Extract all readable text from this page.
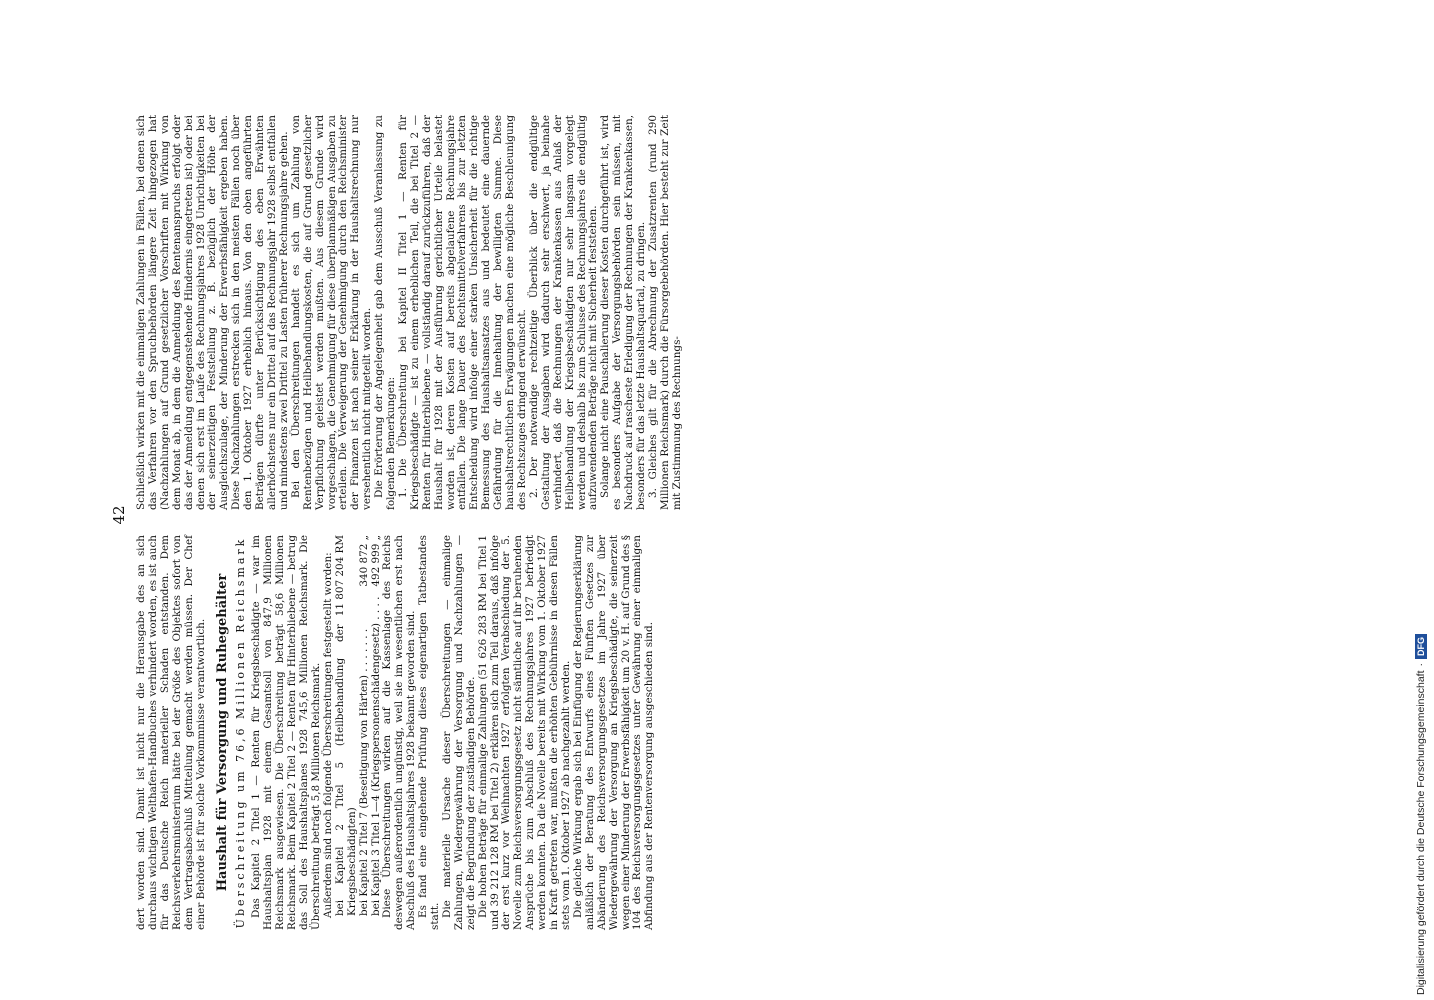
42

dert worden sind. Damit ist nicht nur die Herausgabe des an sich durchaus wichtigen Welthafen-Handbuches verhindert worden, es ist auch für das Deutsche Reich materieller Schaden entstanden. Dem Reichsverkehrsministerium hätte bei der Größe des Objektes sofort von dem Vertragsabschluß Mitteilung gemacht werden müssen. Der Chef einer Behörde ist für solche Vorkommnisse verantwortlich. Haushalt für Versorgung und Ruhegehälter Überschreitung um 76,6 Millionen Reichsmark Das Kapitel 2 Titel 1 — Renten für Kriegsbeschädigte — war im Haushaltsplan 1928 mit einem Gesamtsoll von 847,9 Millionen Reichsmark ausgewiesen. Die Überschreitung beträgt 58,6 Millionen Reichsmark. Beim Kapitel 2 Titel 2 — Renten für Hinterbliebene — betrug das Soll des Haushaltsplanes 1928 745,6 Millionen Reichsmark. Die Überschreitung beträgt 5,8 Millionen Reichsmark. Außerdem sind noch folgende Überschreitungen festgestellt worden: bei Kapitel 2 Titel 5 (Heilbehandlung der Kriegsbeschädigten)
11 807 204 RM
bei Kapitel 2 Titel 7 (Beseitigung von Härten) . . . . . . .
340 872 „
bei Kapitel 3 Titel 1—4 (Kriegspersonenschädengesetz) . . . .
492 999 „ Diese Überschreitungen wirken auf die Kassenlage des Reichs deswegen außerordentlich ungünstig, weil sie im wesentlichen erst nach Abschluß des Haushaltsjahres 1928 bekannt geworden sind. Es fand eine eingehende Prüfung dieses eigenartigen Tatbestandes statt. Die materielle Ursache dieser Überschreitungen — einmalige Zahlungen, Wiedergewährung der Versorgung und Nachzahlungen — zeigt die Begründung der zuständigen Behörde. Die hohen Beträge für einmalige Zahlungen (51 626 283 RM bei Titel 1 und 39 212 128 RM bei Titel 2) erklären sich zum Teil daraus, daß infolge der erst kurz vor Weihnachten 1927 erfolgten Verabschiedung der 5. Novelle zum Reichsversorgungsgesetz nicht sämtliche auf ihr beruhenden Ansprüche bis zum Abschluß des Rechnungsjahres 1927 befriedigt werden konnten. Da die Novelle bereits mit Wirkung vom 1. Oktober 1927 in Kraft getreten war, mußten die erhöhten Gebührnisse in diesen Fällen stets vom 1. Oktober 1927 ab nachgezahlt werden. Die gleiche Wirkung ergab sich bei Einfügung der Regierungserklärung anläßlich der Beratung des Entwurfs eines Fünften Gesetzes zur Abänderung des Reichsversorgungsgesetzes im Jahre 1927 über Wiedergewährung der Versorgung an Kriegsbeschädigte, die seinerzeit wegen einer Minderung der Erwerbsfähigkeit um 20 v. H. auf Grund des § 104 des Reichsversorgungsgesetzes unter Gewährung einer einmaligen Abfindung aus der Rentenversorgung ausgeschieden sind.

Schließlich wirken mit die einmaligen Zahlungen in Fällen, bei denen sich das Verfahren vor den Spruchbehörden längere Zeit hingezogen hat (Nachzahlungen auf Grund gesetzlicher Vorschriften mit Wirkung von dem Monat ab, in dem die Anmeldung des Rentenanspruchs erfolgt oder das der Anmeldung entgegenstehende Hindernis eingetreten ist) oder bei denen sich erst im Laufe des Rechnungsjahres 1928 Unrichtigkeiten bei der seinerzeitigen Feststellung z. B. bezüglich der Höhe der Ausgleichszulage, der Minderung der Erwerbsfähigkeit ergeben haben. Diese Nachzahlungen erstrecken sich in den meisten Fällen noch über den 1. Oktober 1927 erheblich hinaus. Von den oben angeführten Beträgen dürfte unter Berücksichtigung des eben Erwähnten allerhöchstens nur ein Drittel auf das Rechnungsjahr 1928 selbst entfallen und mindestens zwei Drittel zu Lasten früherer Rechnungsjahre gehen. Bei den Überschreitungen handelt es sich um Zahlung von Rentenbezügen und Heilbehandlungskosten, die auf Grund gesetzlicher Verpflichtung geleistet werden mußten. Aus diesem Grunde wird vorgeschlagen, die Genehmigung für diese überplanmäßigen Ausgaben zu erteilen. Die Verweigerung der Genehmigung durch den Reichsminister der Finanzen ist nach seiner Erklärung in der Haushaltsrechnung nur versehentlich nicht mitgeteilt worden. Die Erörterung der Angelegenheit gab dem Ausschuß Veranlassung zu folgenden Bemerkungen: 1. Die Überschreitung bei Kapitel II Titel 1 — Renten für Kriegsbeschädigte — ist zu einem erheblichen Teil, die bei Titel 2 — Renten für Hinterbliebene — vollständig darauf zurückzuführen, daß der Haushalt für 1928 mit der Ausführung gerichtlicher Urteile belastet worden ist, deren Kosten auf bereits abgelaufene Rechnungsjahre entfallen. Die lange Dauer des Rechtsmittelverfahrens bis zur letzten Entscheidung wird infolge einer starken Unsicherheit für die richtige Bemessung des Haushaltsansatzes aus und bedeutet eine dauernde Gefährdung für die Innehaltung der bewilligten Summe. Diese haushaltsrechtlichen Erwägungen machen eine mögliche Beschleunigung des Rechtszuges dringend erwünscht. 2. Der notwendige rechtzeitige Überblick über die endgültige Gestaltung der Ausgaben wird dadurch sehr erschwert, ja beinahe verhindert, daß die Rechnungen der Krankenkassen aus Anlaß der Heilbehandlung der Kriegsbeschädigten nur sehr langsam vorgelegt werden und deshalb bis zum Schlusse des Rechnungsjahres die endgültig aufzuwendenden Beträge nicht mit Sicherheit feststehen. Solange nicht eine Pauschalierung dieser Kosten durchgeführt ist, wird es besonders Aufgabe der Versorgungsbehörden sein müssen, mit Nachdruck auf rascheste Erledigung der Rechnungen der Krankenkassen, besonders für das letzte Haushaltsquartal, zu dringen. 3. Gleiches gilt für die Abrechnung der Zusatzrenten (rund 290 Millionen Reichsmark) durch die Fürsorgebehörden. Hier besteht zur Zeit mit Zustimmung des Rechnungs-

Digitalisierung gefördert durch die Deutsche Forschungsgemeinschaft
·
DFG
